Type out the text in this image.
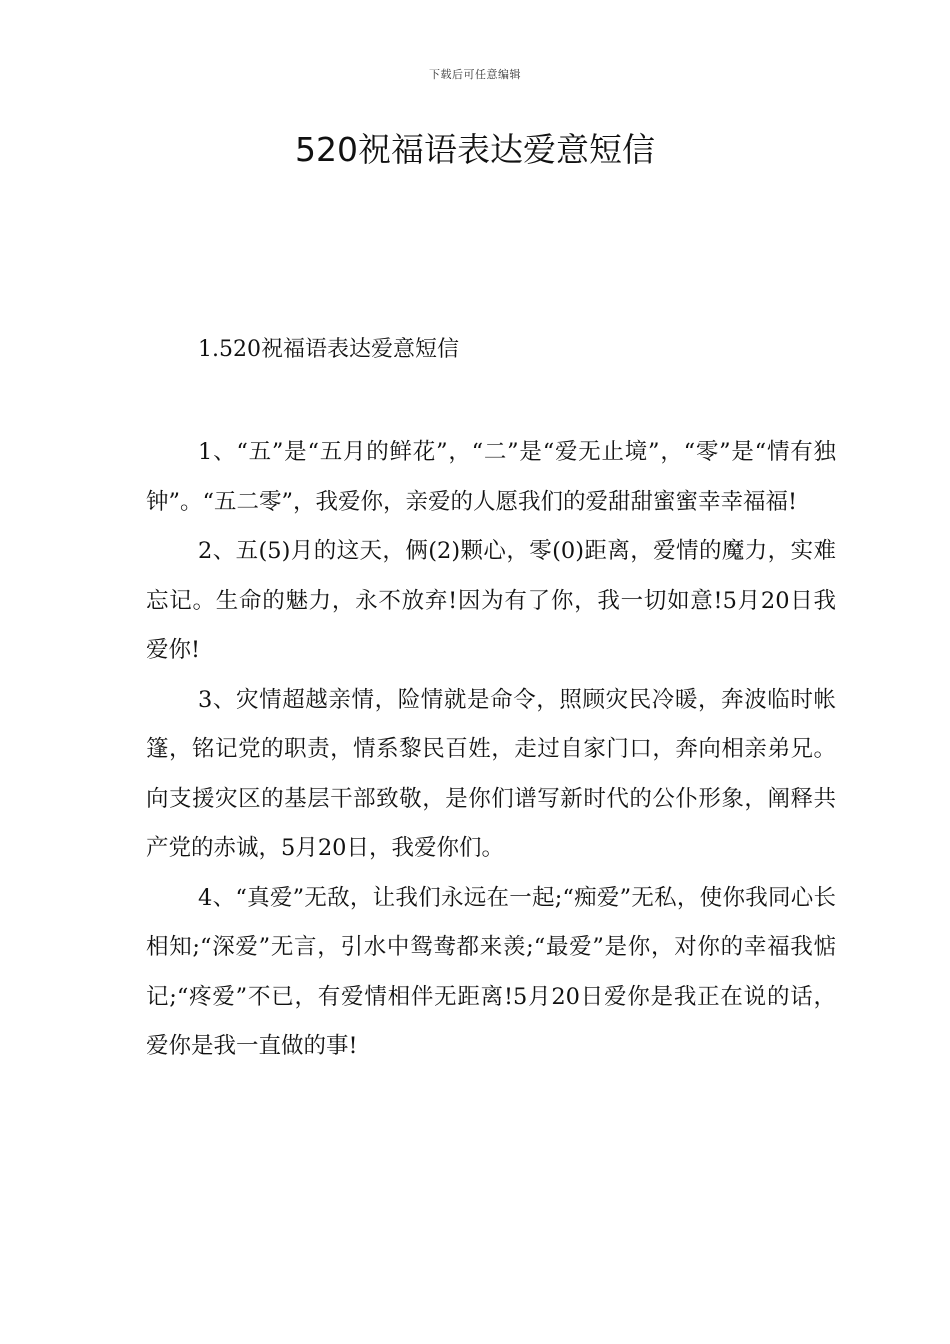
下载后可任意编辑
520祝福语表达爱意短信
1.520祝福语表达爱意短信

1、“五”是“五月的鲜花”，“二”是“爱无止境”，“零”是“情有独钟”。“五二零”，我爱你，亲爱的人愿我们的爱甜甜蜜蜜幸幸福福!

2、五(5)月的这天，俩(2)颗心，零(0)距离，爱情的魔力，实难忘记。生命的魅力，永不放弃!因为有了你，我一切如意!5月20日我爱你!

3、灾情超越亲情，险情就是命令，照顾灾民冷暖，奔波临时帐篷，铭记党的职责，情系黎民百姓，走过自家门口，奔向相亲弟兄。向支援灾区的基层干部致敬，是你们谱写新时代的公仆形象，阐释共产党的赤诚，5月20日，我爱你们。

4、“真爱”无敌，让我们永远在一起;“痴爱”无私，使你我同心长相知;“深爱”无言，引水中鸳鸯都来羡;“最爱”是你，对你的幸福我惦记;“疼爱”不已，有爱情相伴无距离!5月20日爱你是我正在说的话，爱你是我一直做的事!
